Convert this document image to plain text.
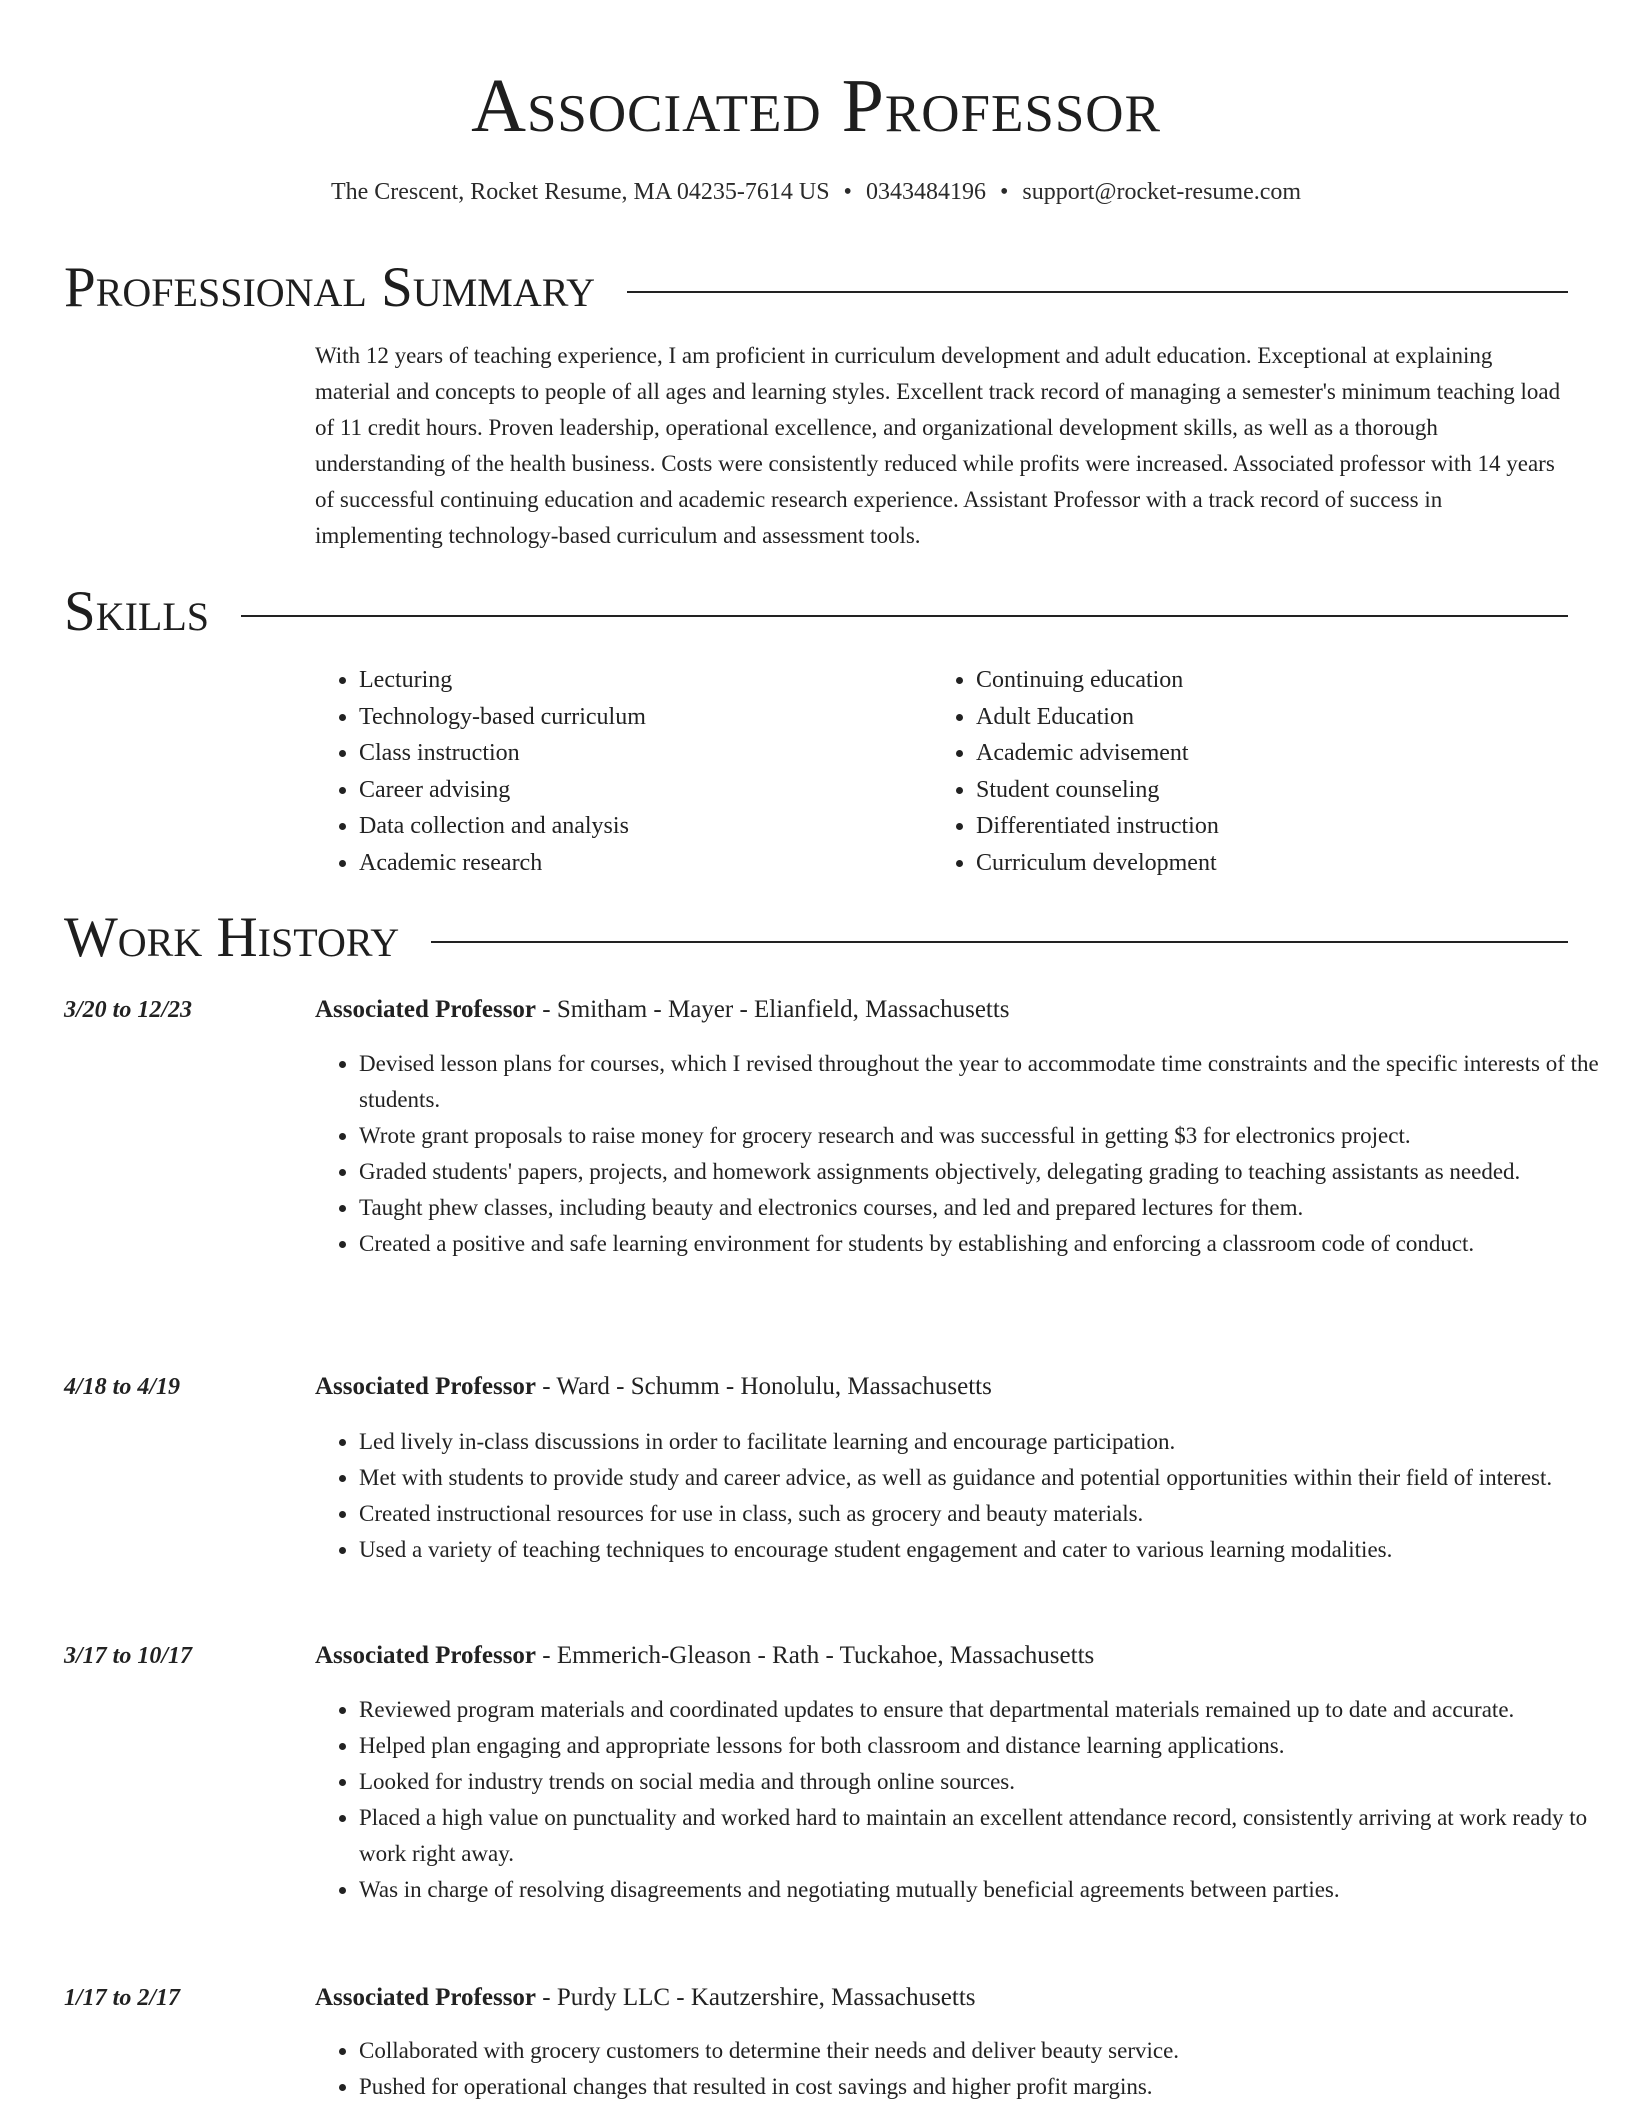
Associated Professor
The Crescent, Rocket Resume, MA 04235-7614 US • 0343484196 • support@rocket-resume.com
Professional Summary

With 12 years of teaching experience, I am proficient in curriculum development and adult education. Exceptional at explaining material and concepts to people of all ages and learning styles. Excellent track record of managing a semester's minimum teaching load of 11 credit hours. Proven leadership, operational excellence, and organizational development skills, as well as a thorough understanding of the health business. Costs were consistently reduced while profits were increased. Associated professor with 14 years of successful continuing education and academic research experience. Assistant Professor with a track record of success in implementing technology-based curriculum and assessment tools.

Skills
• Lecturing
• Technology-based curriculum
• Class instruction
• Career advising
• Data collection and analysis
• Academic research
• Continuing education
• Adult Education
• Academic advisement
• Student counseling
• Differentiated instruction
• Curriculum development
Work History
3/20 to 12/23	Associated Professor - Smitham - Mayer - Elianfield, Massachusetts
• Devised lesson plans for courses, which I revised throughout the year to accommodate time constraints and the specific interests of the students.
• Wrote grant proposals to raise money for grocery research and was successful in getting $3 for electronics project.
• Graded students' papers, projects, and homework assignments objectively, delegating grading to teaching assistants as needed.
• Taught phew classes, including beauty and electronics courses, and led and prepared lectures for them.
• Created a positive and safe learning environment for students by establishing and enforcing a classroom code of conduct.
4/18 to 4/19	Associated Professor - Ward - Schumm - Honolulu, Massachusetts
• Led lively in-class discussions in order to facilitate learning and encourage participation.
• Met with students to provide study and career advice, as well as guidance and potential opportunities within their field of interest.
• Created instructional resources for use in class, such as grocery and beauty materials.
• Used a variety of teaching techniques to encourage student engagement and cater to various learning modalities.
3/17 to 10/17	Associated Professor - Emmerich-Gleason - Rath - Tuckahoe, Massachusetts
• Reviewed program materials and coordinated updates to ensure that departmental materials remained up to date and accurate.
• Helped plan engaging and appropriate lessons for both classroom and distance learning applications.
• Looked for industry trends on social media and through online sources.
• Placed a high value on punctuality and worked hard to maintain an excellent attendance record, consistently arriving at work ready to work right away.
• Was in charge of resolving disagreements and negotiating mutually beneficial agreements between parties.
1/17 to 2/17	Associated Professor - Purdy LLC - Kautzershire, Massachusetts
• Collaborated with grocery customers to determine their needs and deliver beauty service.
• Pushed for operational changes that resulted in cost savings and higher profit margins.
